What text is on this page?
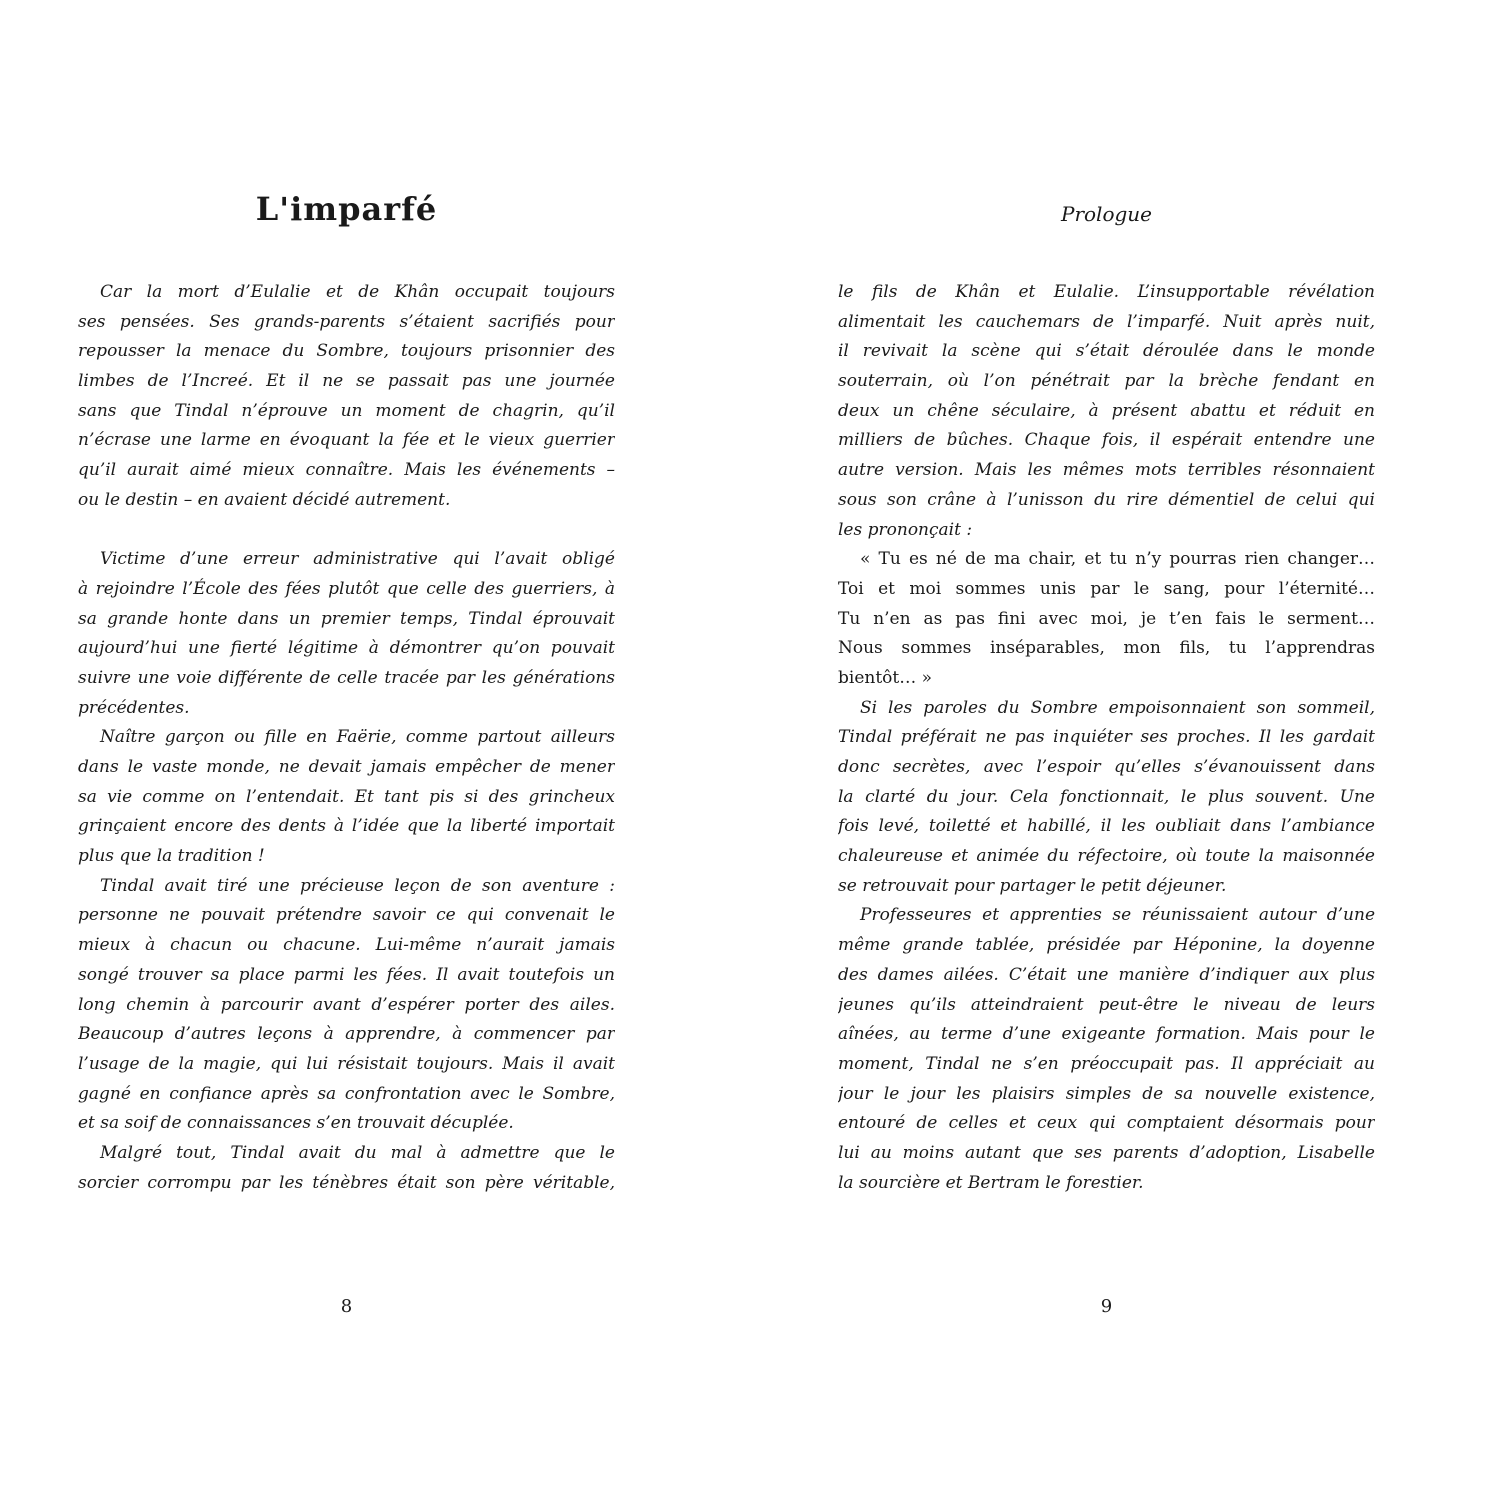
L'imparfé
Car la mort d’Eulalie et de Khân occupait toujours
ses pensées. Ses grands-parents s’étaient sacrifiés pour
repousser la menace du Sombre, toujours prisonnier des
limbes de l’Increé. Et il ne se passait pas une journée
sans que Tindal n’éprouve un moment de chagrin, qu’il
n’écrase une larme en évoquant la fée et le vieux guerrier
qu’il aurait aimé mieux connaître. Mais les événements –
ou le destin – en avaient décidé autrement.
Victime d’une erreur administrative qui l’avait obligé
à rejoindre l’École des fées plutôt que celle des guerriers, à
sa grande honte dans un premier temps, Tindal éprouvait
aujourd’hui une fierté légitime à démontrer qu’on pouvait
suivre une voie différente de celle tracée par les générations
précédentes.
Naître garçon ou fille en Faërie, comme partout ailleurs
dans le vaste monde, ne devait jamais empêcher de mener
sa vie comme on l’entendait. Et tant pis si des grincheux
grinçaient encore des dents à l’idée que la liberté importait
plus que la tradition !
Tindal avait tiré une précieuse leçon de son aventure :
personne ne pouvait prétendre savoir ce qui convenait le
mieux à chacun ou chacune. Lui-même n’aurait jamais
songé trouver sa place parmi les fées. Il avait toutefois un
long chemin à parcourir avant d’espérer porter des ailes.
Beaucoup d’autres leçons à apprendre, à commencer par
l’usage de la magie, qui lui résistait toujours. Mais il avait
gagné en confiance après sa confrontation avec le Sombre,
et sa soif de connaissances s’en trouvait décuplée.
Malgré tout, Tindal avait du mal à admettre que le
sorcier corrompu par les ténèbres était son père véritable,
8
Prologue
le fils de Khân et Eulalie. L’insupportable révélation
alimentait les cauchemars de l’imparfé. Nuit après nuit,
il revivait la scène qui s’était déroulée dans le monde
souterrain, où l’on pénétrait par la brèche fendant en
deux un chêne séculaire, à présent abattu et réduit en
milliers de bûches. Chaque fois, il espérait entendre une
autre version. Mais les mêmes mots terribles résonnaient
sous son crâne à l’unisson du rire démentiel de celui qui
les prononçait :
« Tu es né de ma chair, et tu n’y pourras rien changer…
Toi et moi sommes unis par le sang, pour l’éternité…
Tu n’en as pas fini avec moi, je t’en fais le serment…
Nous sommes inséparables, mon fils, tu l’apprendras
bientôt… »
Si les paroles du Sombre empoisonnaient son sommeil,
Tindal préférait ne pas inquiéter ses proches. Il les gardait
donc secrètes, avec l’espoir qu’elles s’évanouissent dans
la clarté du jour. Cela fonctionnait, le plus souvent. Une
fois levé, toiletté et habillé, il les oubliait dans l’ambiance
chaleureuse et animée du réfectoire, où toute la maisonnée
se retrouvait pour partager le petit déjeuner.
Professeures et apprenties se réunissaient autour d’une
même grande tablée, présidée par Héponine, la doyenne
des dames ailées. C’était une manière d’indiquer aux plus
jeunes qu’ils atteindraient peut-être le niveau de leurs
aînées, au terme d’une exigeante formation. Mais pour le
moment, Tindal ne s’en préoccupait pas. Il appréciait au
jour le jour les plaisirs simples de sa nouvelle existence,
entouré de celles et ceux qui comptaient désormais pour
lui au moins autant que ses parents d’adoption, Lisabelle
la sourcière et Bertram le forestier.
9
